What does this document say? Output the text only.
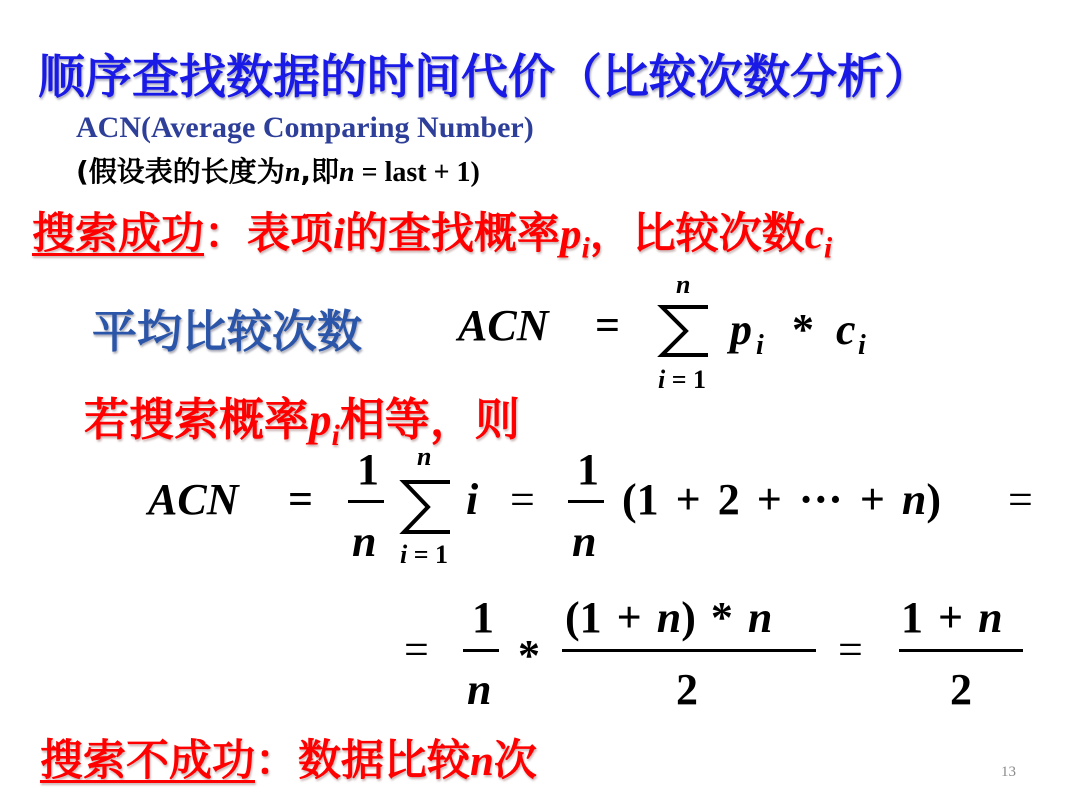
顺序查找数据的时间代价（比较次数分析）
ACN(Average Comparing Number)
(假设表的长度为n,即n = last + 1)
搜索成功：表项i的查找概率$p_i$，比较次数$c_i$
平均比较次数 ACN =
n
i = 1
p i * c i
若搜索概率$p_i$相等，则
ACN =
1
n
n
i = 1
i =
1
n
(1 + 2 + ··· + n) =
=
1
n
*
(1 + n) * n
2
=
1 + n
2
搜索不成功：数据比较n次	13
